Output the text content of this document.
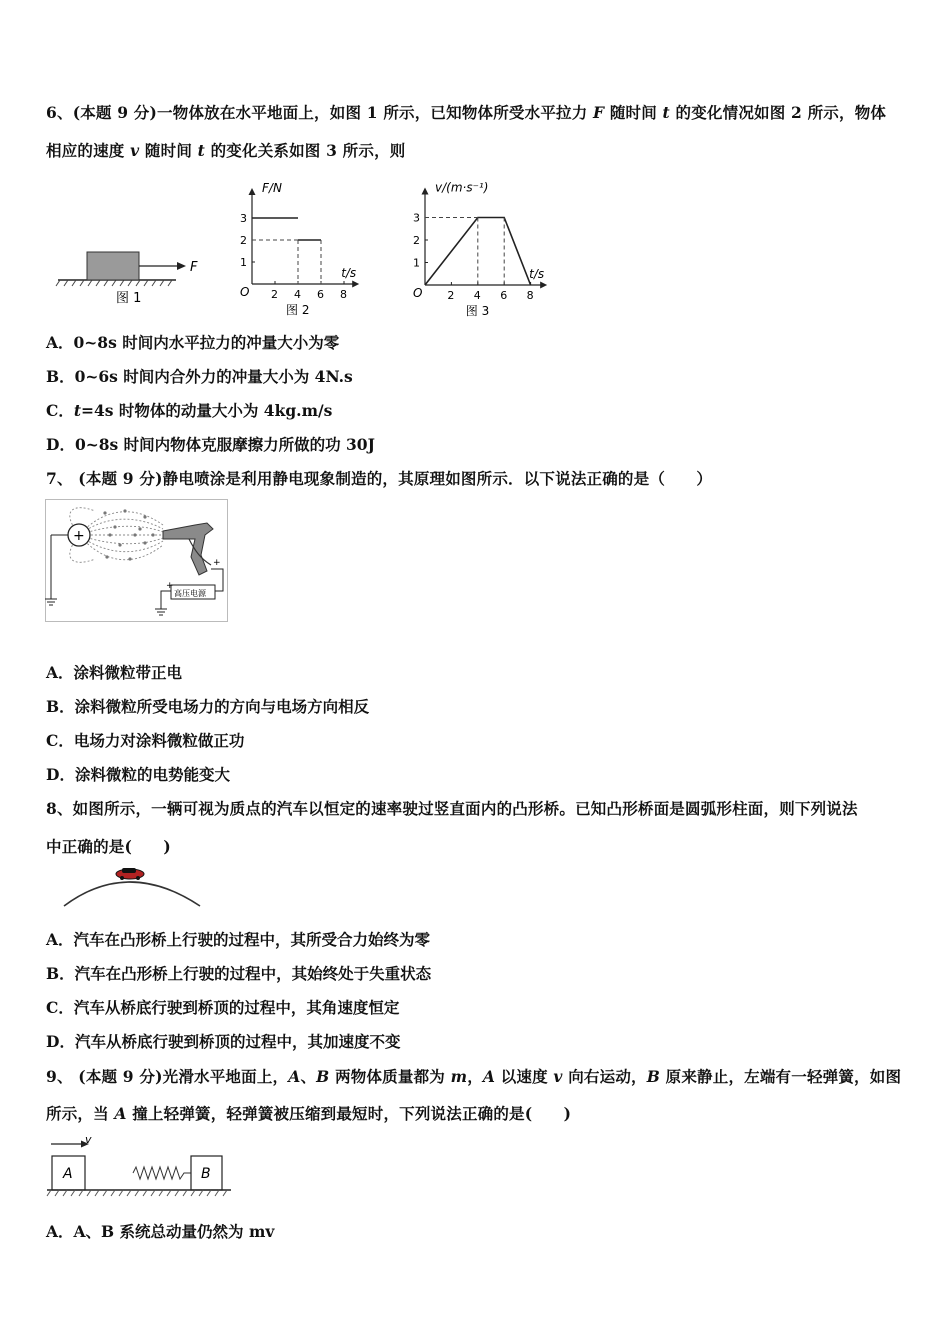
6、(本题 9 分)一物体放在水平地面上，如图 1 所示，已知物体所受水平拉力 F 随时间 t 的变化情况如图 2 所示，物体
相应的速度 v 随时间 t 的变化关系如图 3 所示，则
F
图 1
F/N
t/s
O 2 4 6 8
3
2
1
图 2
v/(m·s⁻¹)
t/s
O 2 4 6 8
3
2
1
图 3
A．0~8s 时间内水平拉力的冲量大小为零
B．0~6s 时间内合外力的冲量大小为 4N.s
C．t=4s 时物体的动量大小为 4kg.m/s
D．0~8s 时间内物体克服摩擦力所做的功 30J
7、 (本题 9 分)静电喷涂是利用静电现象制造的，其原理如图所示．以下说法正确的是（　　）
+
+
高压电源
+
A．涂料微粒带正电
B．涂料微粒所受电场力的方向与电场方向相反
C．电场力对涂料微粒做正功
D．涂料微粒的电势能变大
8、如图所示，一辆可视为质点的汽车以恒定的速率驶过竖直面内的凸形桥。已知凸形桥面是圆弧形柱面，则下列说法
中正确的是(　　)
A．汽车在凸形桥上行驶的过程中，其所受合力始终为零
B．汽车在凸形桥上行驶的过程中，其始终处于失重状态
C．汽车从桥底行驶到桥顶的过程中，其角速度恒定
D．汽车从桥底行驶到桥顶的过程中，其加速度不变
9、 (本题 9 分)光滑水平地面上，A、B 两物体质量都为 m，A 以速度 v 向右运动，B 原来静止，左端有一轻弹簧，如图
所示，当 A 撞上轻弹簧，轻弹簧被压缩到最短时，下列说法正确的是(　　)
v
A	B
A．A、B 系统总动量仍然为 mv
